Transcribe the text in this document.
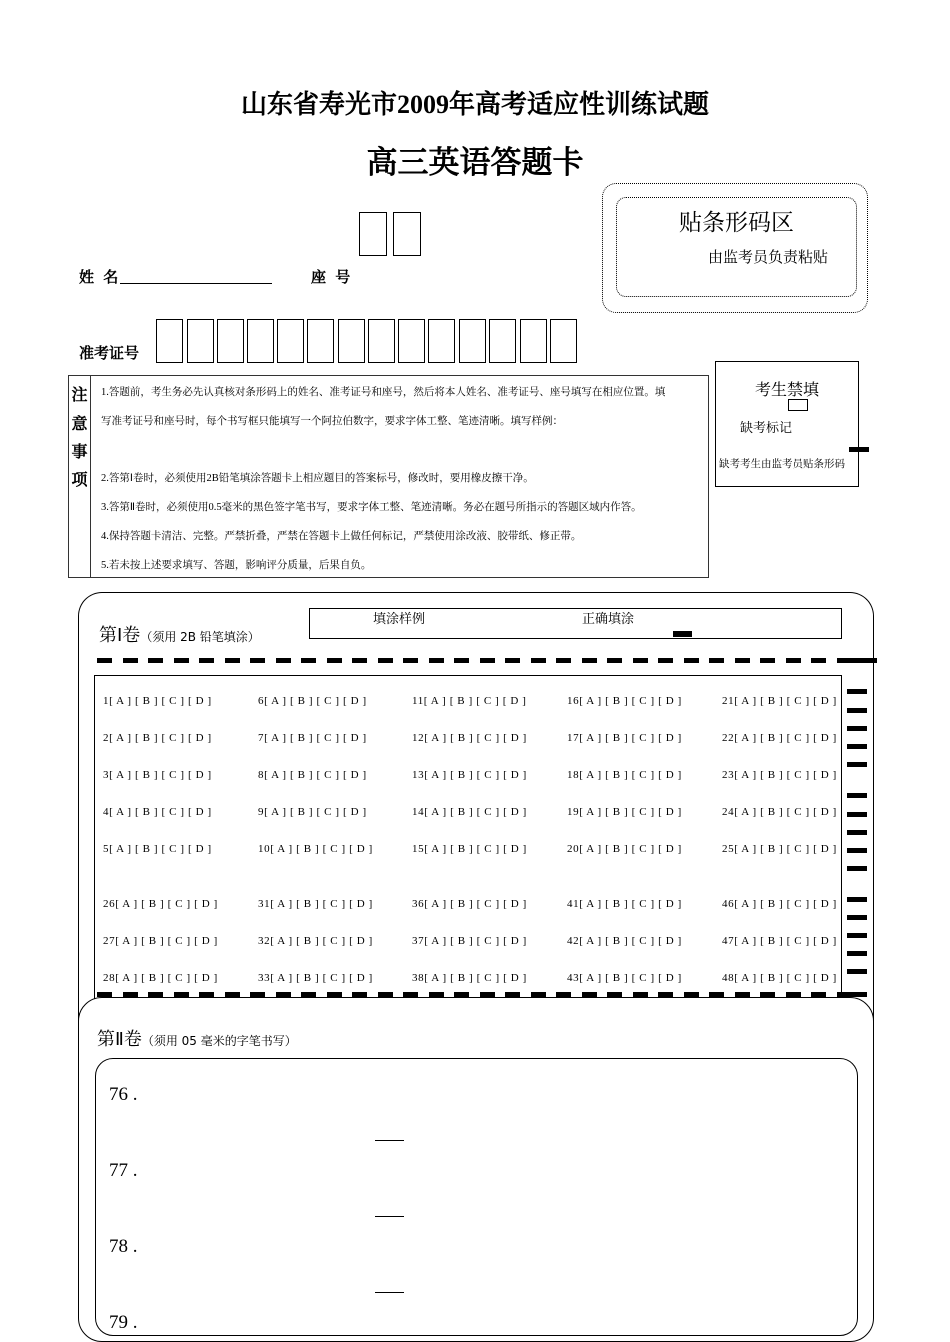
山东省寿光市2009年高考适应性训练试题
高三英语答题卡
贴条形码区
由监考员负责粘贴
姓 名	座 号
准考证号
注
意
事
项
1.答题前，考生务必先认真核对条形码上的姓名、准考证号和座号，然后将本人姓名、准考证号、座号填写在相应位置。填
写准考证号和座号时，每个书写框只能填写一个阿拉伯数字，要求字体工整、笔迹清晰。填写样例：
2.答第Ⅰ卷时，必须使用2B铅笔填涂答题卡上相应题目的答案标号，修改时，要用橡皮擦干净。
3.答第Ⅱ卷时，必须使用0.5毫米的黑色签字笔书写，要求字体工整、笔迹清晰。务必在题号所指示的答题区域内作答。
4.保持答题卡清洁、完整。严禁折叠，严禁在答题卡上做任何标记，严禁使用涂改液、胶带纸、修正带。
5.若未按上述要求填写、答题，影响评分质量，后果自负。
考生禁填
缺考标记
缺考考生由监考员贴条形码
第Ⅰ卷（须用 2B 铅笔填涂）
填涂样例	正确填涂
1[ A ] [ B ] [ C ] [ D ]	6[ A ] [ B ] [ C ] [ D ]	11[ A ] [ B ] [ C ] [ D ]	16[ A ] [ B ] [ C ] [ D ]	21[ A ] [ B ] [ C ] [ D ]
2[ A ] [ B ] [ C ] [ D ]	7[ A ] [ B ] [ C ] [ D ]	12[ A ] [ B ] [ C ] [ D ]	17[ A ] [ B ] [ C ] [ D ]	22[ A ] [ B ] [ C ] [ D ]
3[ A ] [ B ] [ C ] [ D ]	8[ A ] [ B ] [ C ] [ D ]	13[ A ] [ B ] [ C ] [ D ]	18[ A ] [ B ] [ C ] [ D ]	23[ A ] [ B ] [ C ] [ D ]
4[ A ] [ B ] [ C ] [ D ]	9[ A ] [ B ] [ C ] [ D ]	14[ A ] [ B ] [ C ] [ D ]	19[ A ] [ B ] [ C ] [ D ]	24[ A ] [ B ] [ C ] [ D ]
5[ A ] [ B ] [ C ] [ D ]	10[ A ] [ B ] [ C ] [ D ]	15[ A ] [ B ] [ C ] [ D ]	20[ A ] [ B ] [ C ] [ D ]	25[ A ] [ B ] [ C ] [ D ]
26[ A ] [ B ] [ C ] [ D ]	31[ A ] [ B ] [ C ] [ D ]	36[ A ] [ B ] [ C ] [ D ]	41[ A ] [ B ] [ C ] [ D ]	46[ A ] [ B ] [ C ] [ D ]
27[ A ] [ B ] [ C ] [ D ]	32[ A ] [ B ] [ C ] [ D ]	37[ A ] [ B ] [ C ] [ D ]	42[ A ] [ B ] [ C ] [ D ]	47[ A ] [ B ] [ C ] [ D ]
28[ A ] [ B ] [ C ] [ D ]	33[ A ] [ B ] [ C ] [ D ]	38[ A ] [ B ] [ C ] [ D ]	43[ A ] [ B ] [ C ] [ D ]	48[ A ] [ B ] [ C ] [ D ]
第Ⅱ卷（须用 05 毫米的字笔书写）
76 .
77 .
78 .
79 .
